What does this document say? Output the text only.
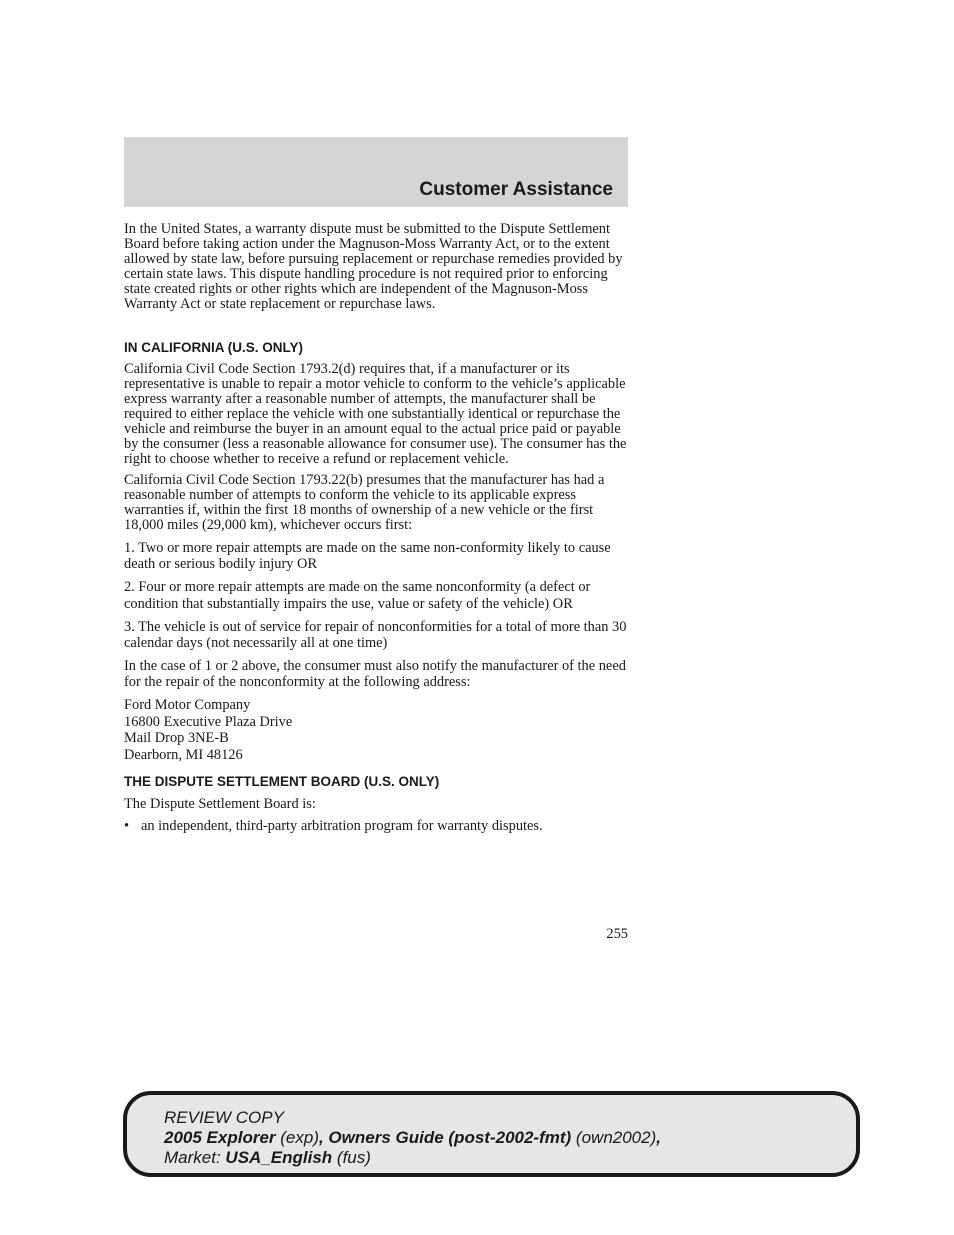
Customer Assistance

In the United States, a warranty dispute must be submitted to the Dispute Settlement Board before taking action under the Magnuson-Moss Warranty Act, or to the extent allowed by state law, before pursuing replacement or repurchase remedies provided by certain state laws. This dispute handling procedure is not required prior to enforcing state created rights or other rights which are independent of the Magnuson-Moss Warranty Act or state replacement or repurchase laws.

IN CALIFORNIA (U.S. ONLY)

California Civil Code Section 1793.2(d) requires that, if a manufacturer or its representative is unable to repair a motor vehicle to conform to the vehicle’s applicable express warranty after a reasonable number of attempts, the manufacturer shall be required to either replace the vehicle with one substantially identical or repurchase the vehicle and reimburse the buyer in an amount equal to the actual price paid or payable by the consumer (less a reasonable allowance for consumer use). The consumer has the right to choose whether to receive a refund or replacement vehicle.

California Civil Code Section 1793.22(b) presumes that the manufacturer has had a reasonable number of attempts to conform the vehicle to its applicable express warranties if, within the first 18 months of ownership of a new vehicle or the first 18,000 miles (29,000 km), whichever occurs first:

1. Two or more repair attempts are made on the same non-conformity likely to cause death or serious bodily injury OR

2. Four or more repair attempts are made on the same nonconformity (a defect or condition that substantially impairs the use, value or safety of the vehicle) OR

3. The vehicle is out of service for repair of nonconformities for a total of more than 30 calendar days (not necessarily all at one time)

In the case of 1 or 2 above, the consumer must also notify the manufacturer of the need for the repair of the nonconformity at the following address:

Ford Motor Company
16800 Executive Plaza Drive
Mail Drop 3NE-B
Dearborn, MI 48126
THE DISPUTE SETTLEMENT BOARD (U.S. ONLY)

The Dispute Settlement Board is:

• an independent, third-party arbitration program for warranty disputes.
255
REVIEW COPY
2005 Explorer (exp), Owners Guide (post-2002-fmt) (own2002),
Market: USA_English (fus)
